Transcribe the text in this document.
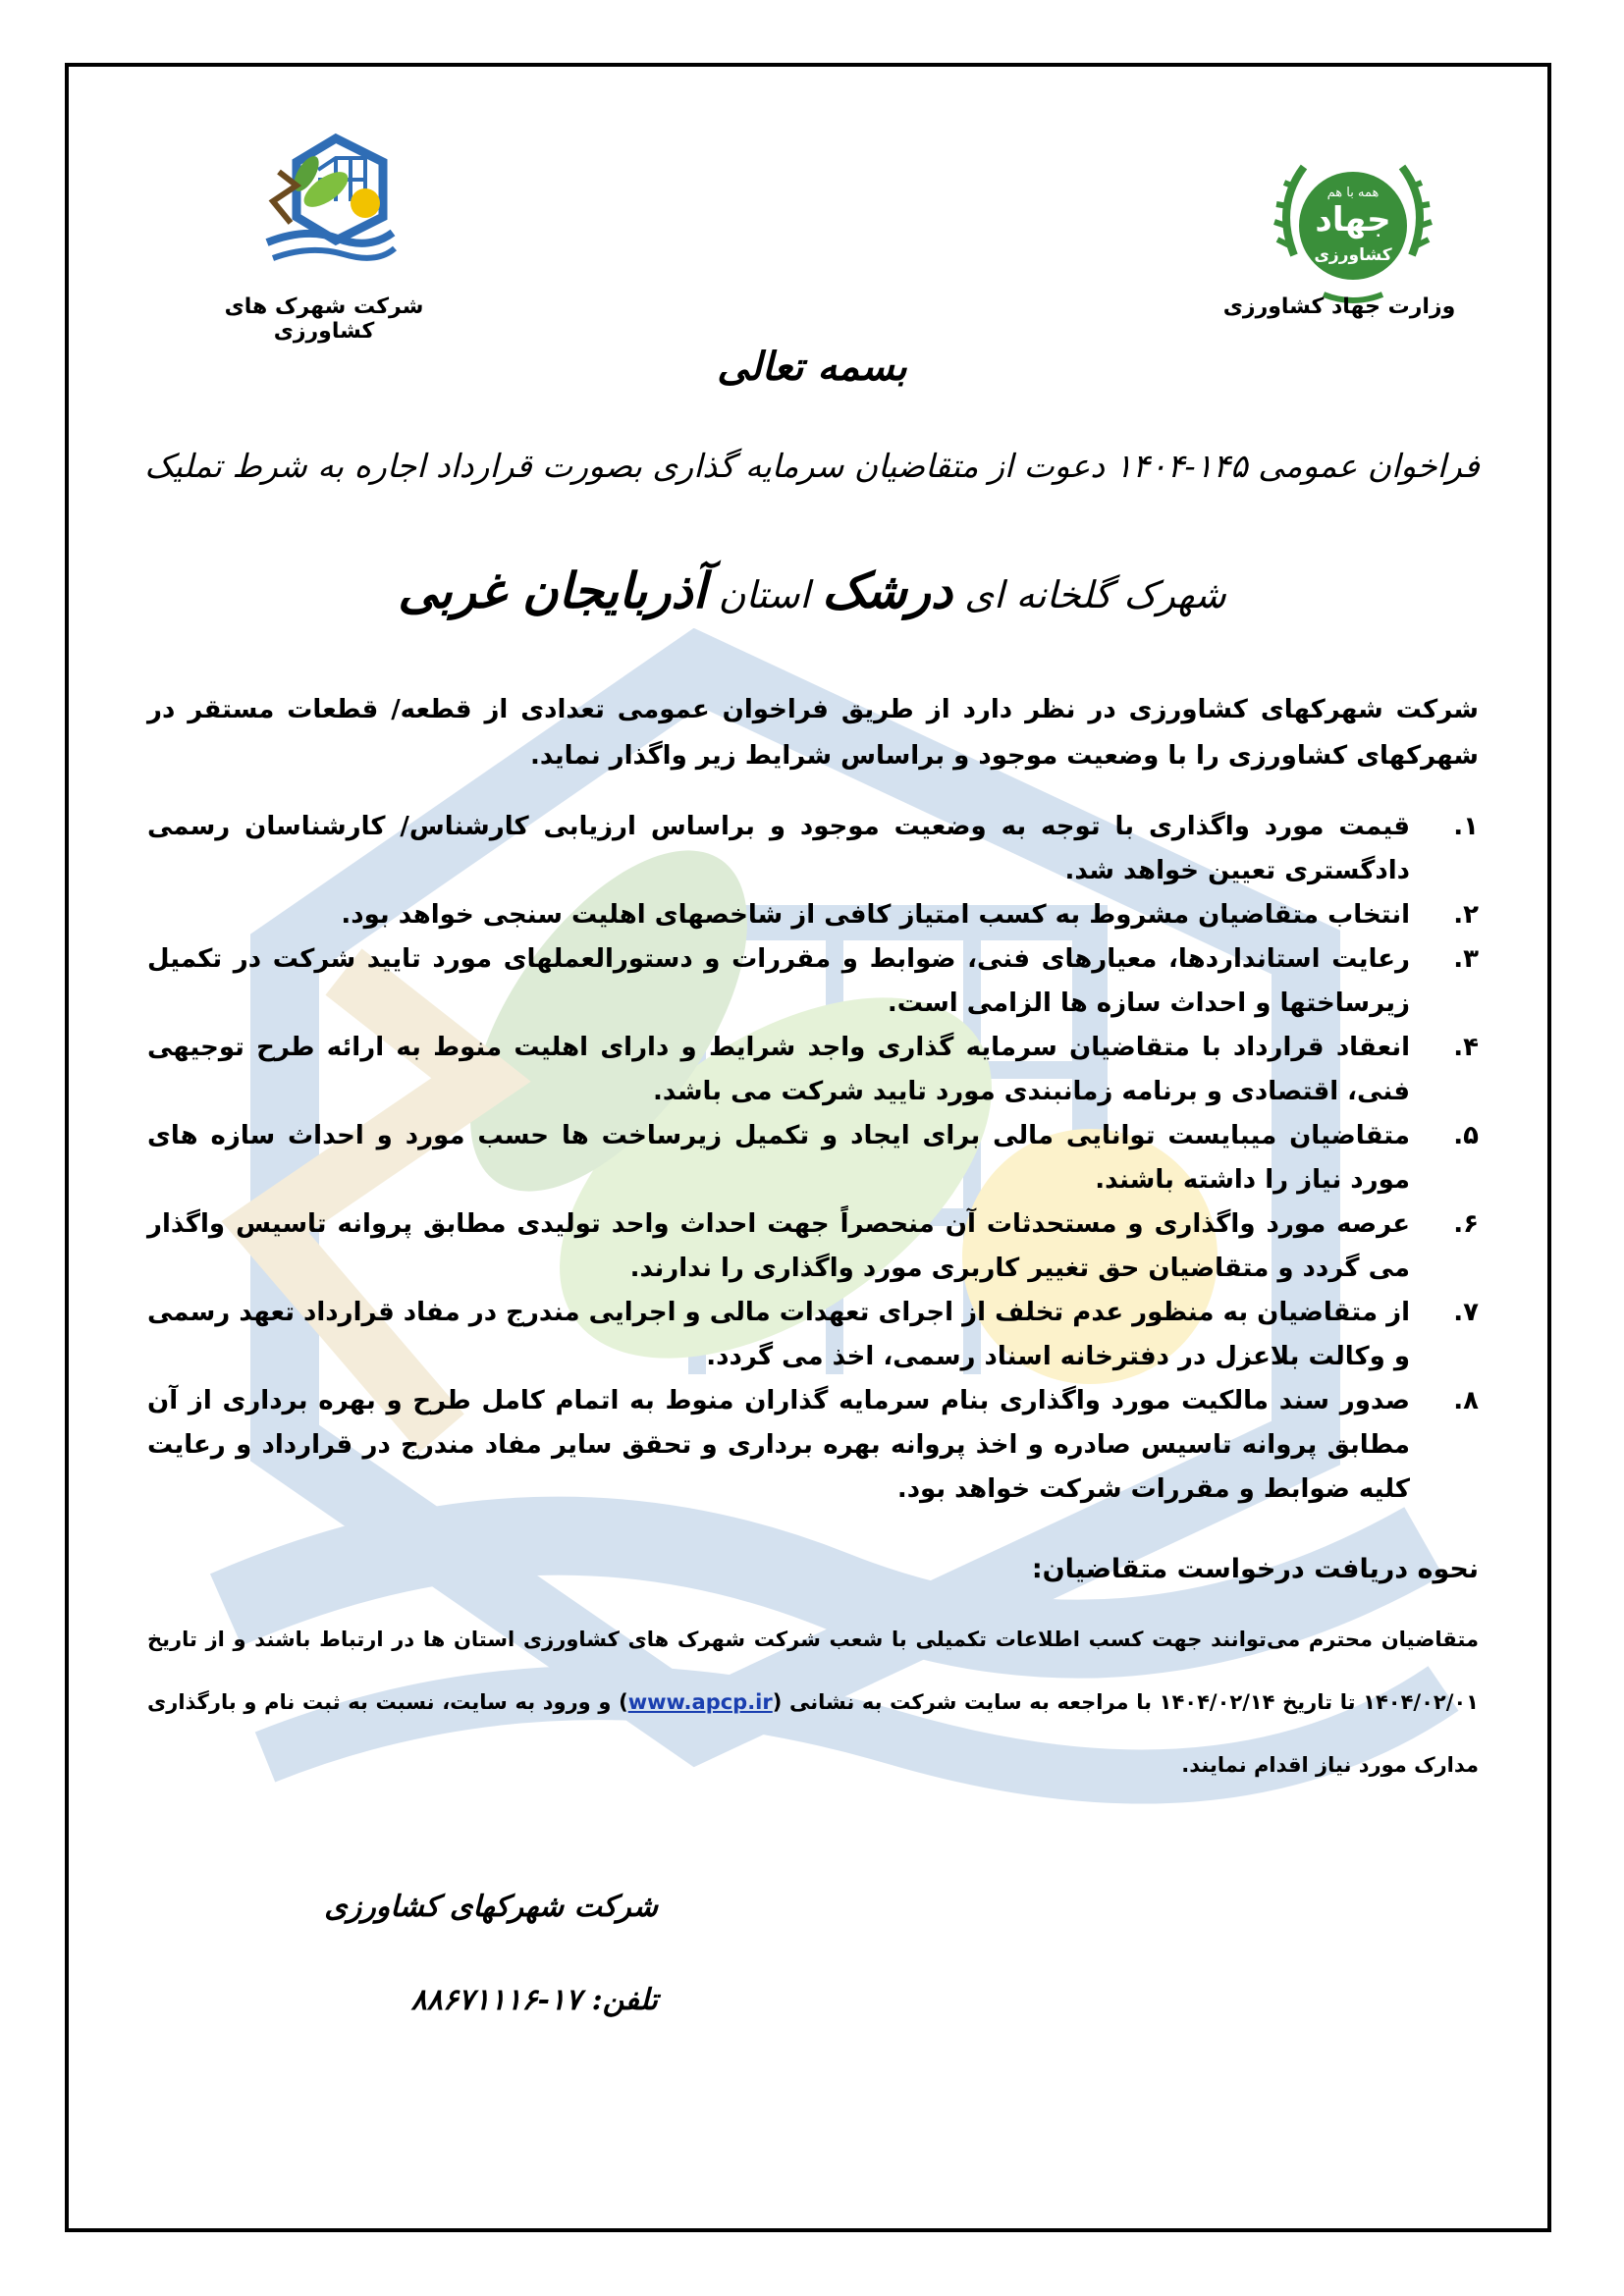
جهاد
کشاورزی
همه با هم
وزارت جهاد کشاورزی
شرکت شهرک های کشاورزی
بسمه تعالی
فراخوان عمومی ۱۴۵-۱۴۰۴ دعوت از متقاضیان سرمایه گذاری بصورت قرارداد اجاره به شرط تملیک
شهرک گلخانه ای درشک استان آذربایجان غربی

شرکت شهرکهای کشاورزی در نظر دارد از طریق فراخوان عمومی تعدادی از قطعه/ قطعات مستقر در شهرکهای کشاورزی را با وضعیت موجود و براساس شرایط زیر واگذار نماید.

۱.
قیمت مورد واگذاری با توجه به وضعیت موجود و براساس ارزیابی کارشناس/ کارشناسان رسمی دادگستری تعیین خواهد شد.
۲.
انتخاب متقاضیان مشروط به کسب امتیاز کافی از شاخصهای اهلیت سنجی خواهد بود.
۳.
رعایت استانداردها، معیارهای فنی، ضوابط و مقررات و دستورالعملهای مورد تایید شرکت در تکمیل زیرساختها و احداث سازه ها الزامی است.
۴.
انعقاد قرارداد با متقاضیان سرمایه گذاری واجد شرایط و دارای اهلیت منوط به ارائه طرح توجیهی فنی، اقتصادی و برنامه زمانبندی مورد تایید شرکت می باشد.
۵.
متقاضیان میبایست توانایی مالی برای ایجاد و تکمیل زیرساخت ها حسب مورد و احداث سازه های مورد نیاز را داشته باشند.
۶.
عرصه مورد واگذاری و مستحدثات آن منحصراً جهت احداث واحد تولیدی مطابق پروانه تاسیس واگذار می گردد و متقاضیان حق تغییر کاربری مورد واگذاری را ندارند.
۷.
از متقاضیان به منظور عدم تخلف از اجرای تعهدات مالی و اجرایی مندرج در مفاد قرارداد تعهد رسمی و وکالت بلاعزل در دفترخانه اسناد رسمی، اخذ می گردد.
۸.
صدور سند مالکیت مورد واگذاری بنام سرمایه گذاران منوط به اتمام کامل طرح و بهره برداری از آن مطابق پروانه تاسیس صادره و اخذ پروانه بهره برداری و تحقق سایر مفاد مندرج در قرارداد و رعایت کلیه ضوابط و مقررات شرکت خواهد بود.
نحوه دریافت درخواست متقاضیان:
متقاضیان محترم می‌توانند جهت کسب اطلاعات تکمیلی با شعب شرکت شهرک های کشاورزی استان ها در ارتباط باشند و از تاریخ ۱۴۰۴/۰۲/۰۱ تا تاریخ ۱۴۰۴/۰۲/۱۴ با مراجعه به سایت شرکت به نشانی (www.apcp.ir) و ورود به سایت، نسبت به ثبت نام و بارگذاری مدارک مورد نیاز اقدام نمایند.
شرکت شهرکهای کشاورزی
تلفن: ۱۷-۸۸۶۷۱۱۱۶
